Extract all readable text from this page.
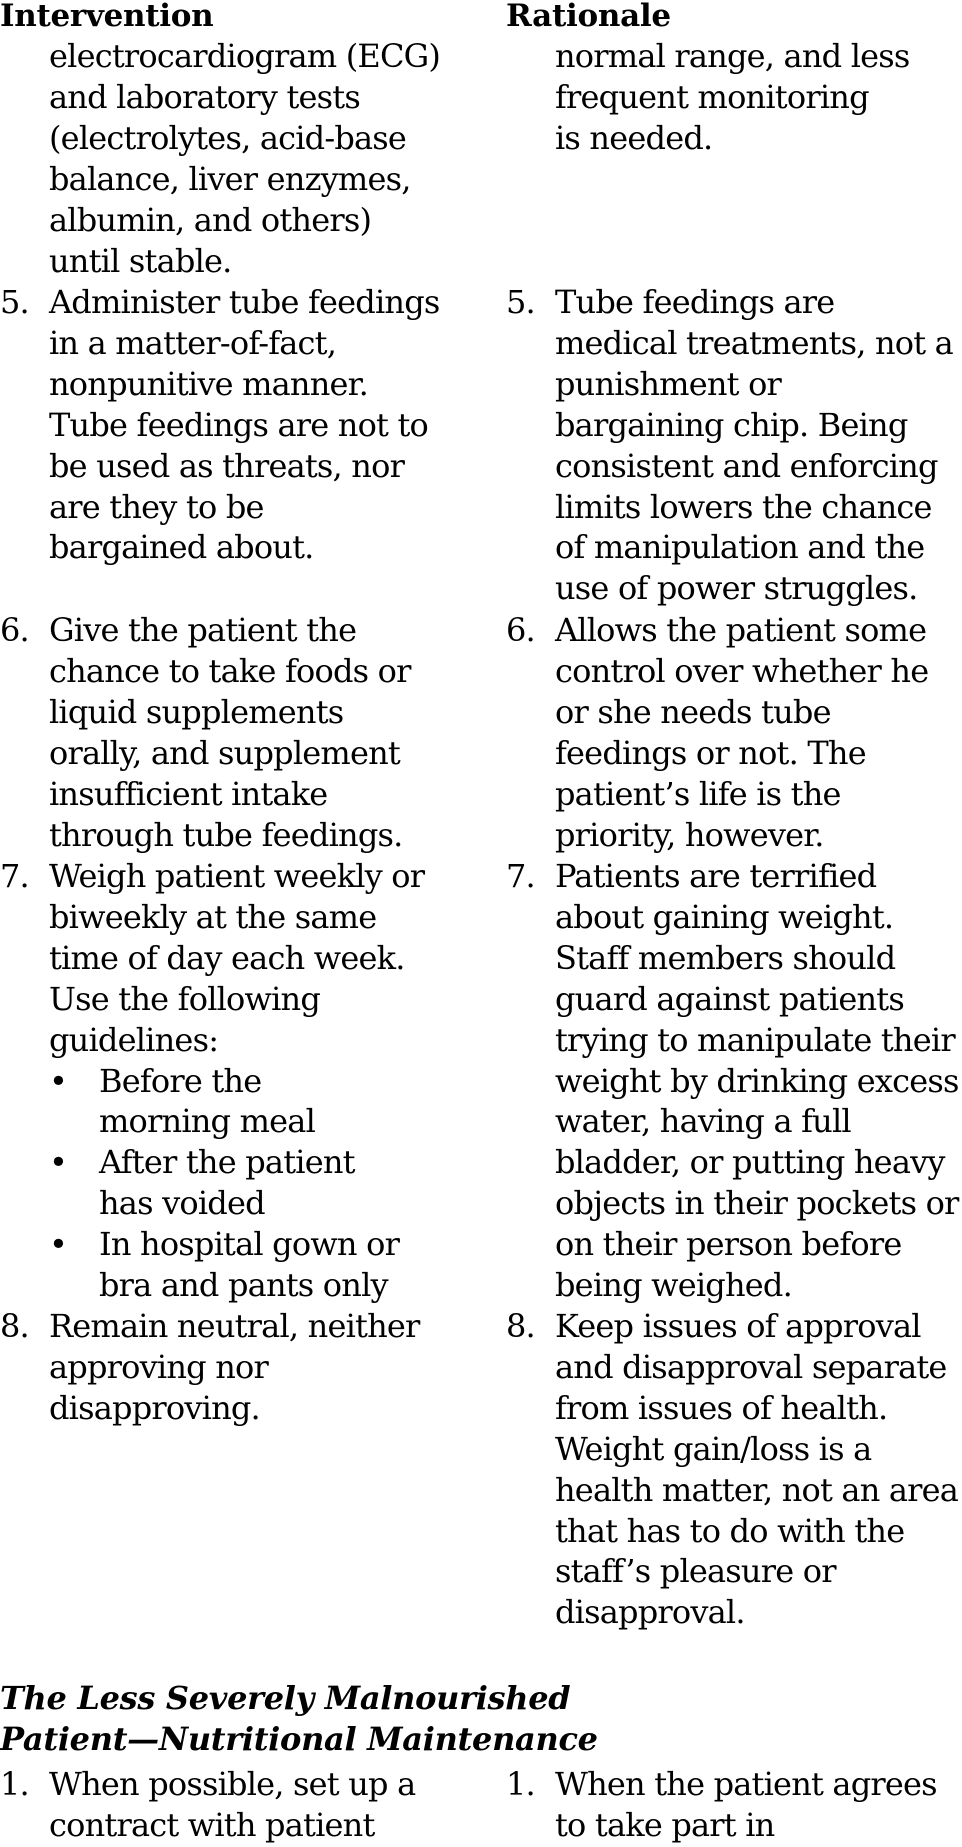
Intervention	Rationale
electrocardiogram (ECG)
and laboratory tests
(electrolytes, acid-base
balance, liver enzymes,
albumin, and others)
until stable.
normal range, and less
frequent monitoring
is needed.
5. Administer tube feedings
in a matter-of-fact,
nonpunitive manner.
Tube feedings are not to
be used as threats, nor
are they to be
bargained about.
5. Tube feedings are
medical treatments, not a
punishment or
bargaining chip. Being
consistent and enforcing
limits lowers the chance
of manipulation and the
use of power struggles.
6. Give the patient the
chance to take foods or
liquid supplements
orally, and supplement
insufficient intake
through tube feedings.
6. Allows the patient some
control over whether he
or she needs tube
feedings or not. The
patient’s life is the
priority, however.
7. Weigh patient weekly or
biweekly at the same
time of day each week.
Use the following
guidelines:
• Before the
morning meal
• After the patient
has voided
• In hospital gown or
bra and pants only
7. Patients are terrified
about gaining weight.
Staff members should
guard against patients
trying to manipulate their
weight by drinking excess
water, having a full
bladder, or putting heavy
objects in their pockets or
on their person before
being weighed.
8. Remain neutral, neither
approving nor
disapproving.
8. Keep issues of approval
and disapproval separate
from issues of health.
Weight gain/loss is a
health matter, not an area
that has to do with the
staff’s pleasure or
disapproval.
The Less Severely Malnourished
Patient—Nutritional Maintenance
1. When possible, set up a
contract with patient
1. When the patient agrees
to take part in
